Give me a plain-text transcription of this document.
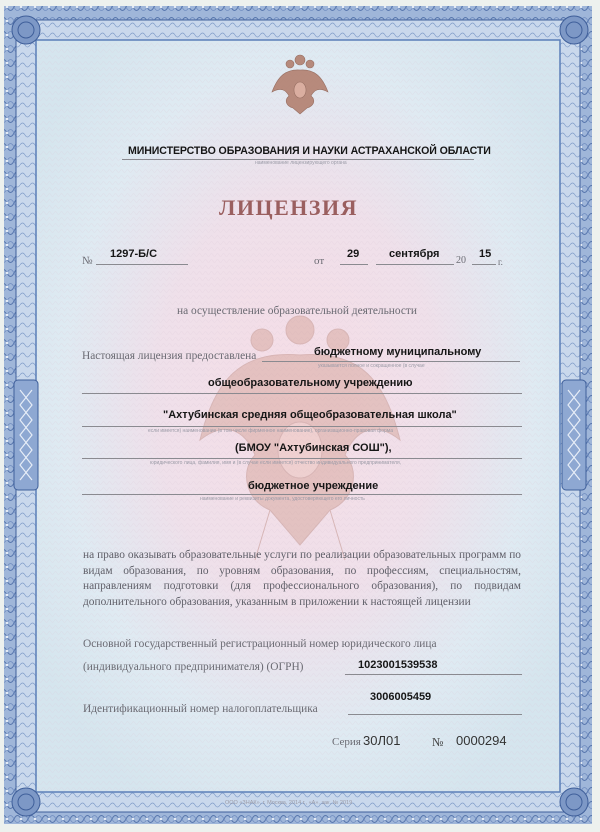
МИНИСТЕРСТВО ОБРАЗОВАНИЯ И НАУКИ АСТРАХАНСКОЙ ОБЛАСТИ
наименование лицензирующего органа
ЛИЦЕНЗИЯ
№
1297-Б/С
от
29	сентября
20
15
г.
на осуществление образовательной деятельности
Настоящая лицензия предоставлена	бюджетному муниципальному
указывается полное и сокращенное (в случае
общеобразовательному учреждению
"Ахтубинская средняя общеобразовательная школа"
если имеется) наименование (в том числе фирменное наименование), организационно-правовая форма
(БМОУ "Ахтубинская СОШ"),
юридического лица, фамилия, имя и (в случае если имеется) отчество индивидуального предпринимателя,
бюджетное учреждение
наименование и реквизиты документа, удостоверяющего его личность
на право оказывать образовательные услуги по реализации образовательных программ по видам образования, по уровням образования, по профессиям, специальностям, направлениям подготовки (для профессионального образования), по подвидам дополнительного образования, указанным в приложении к настоящей лицензии
Основной государственный регистрационный номер юридического лица
(индивидуального предпринимателя) (ОГРН)	1023001539538
3006005459
Идентификационный номер налогоплательщика
Серия 30Л01	№ 0000294
ООО «ЗНАК», г. Москва, 2014 г., «А», зак. № 2019
